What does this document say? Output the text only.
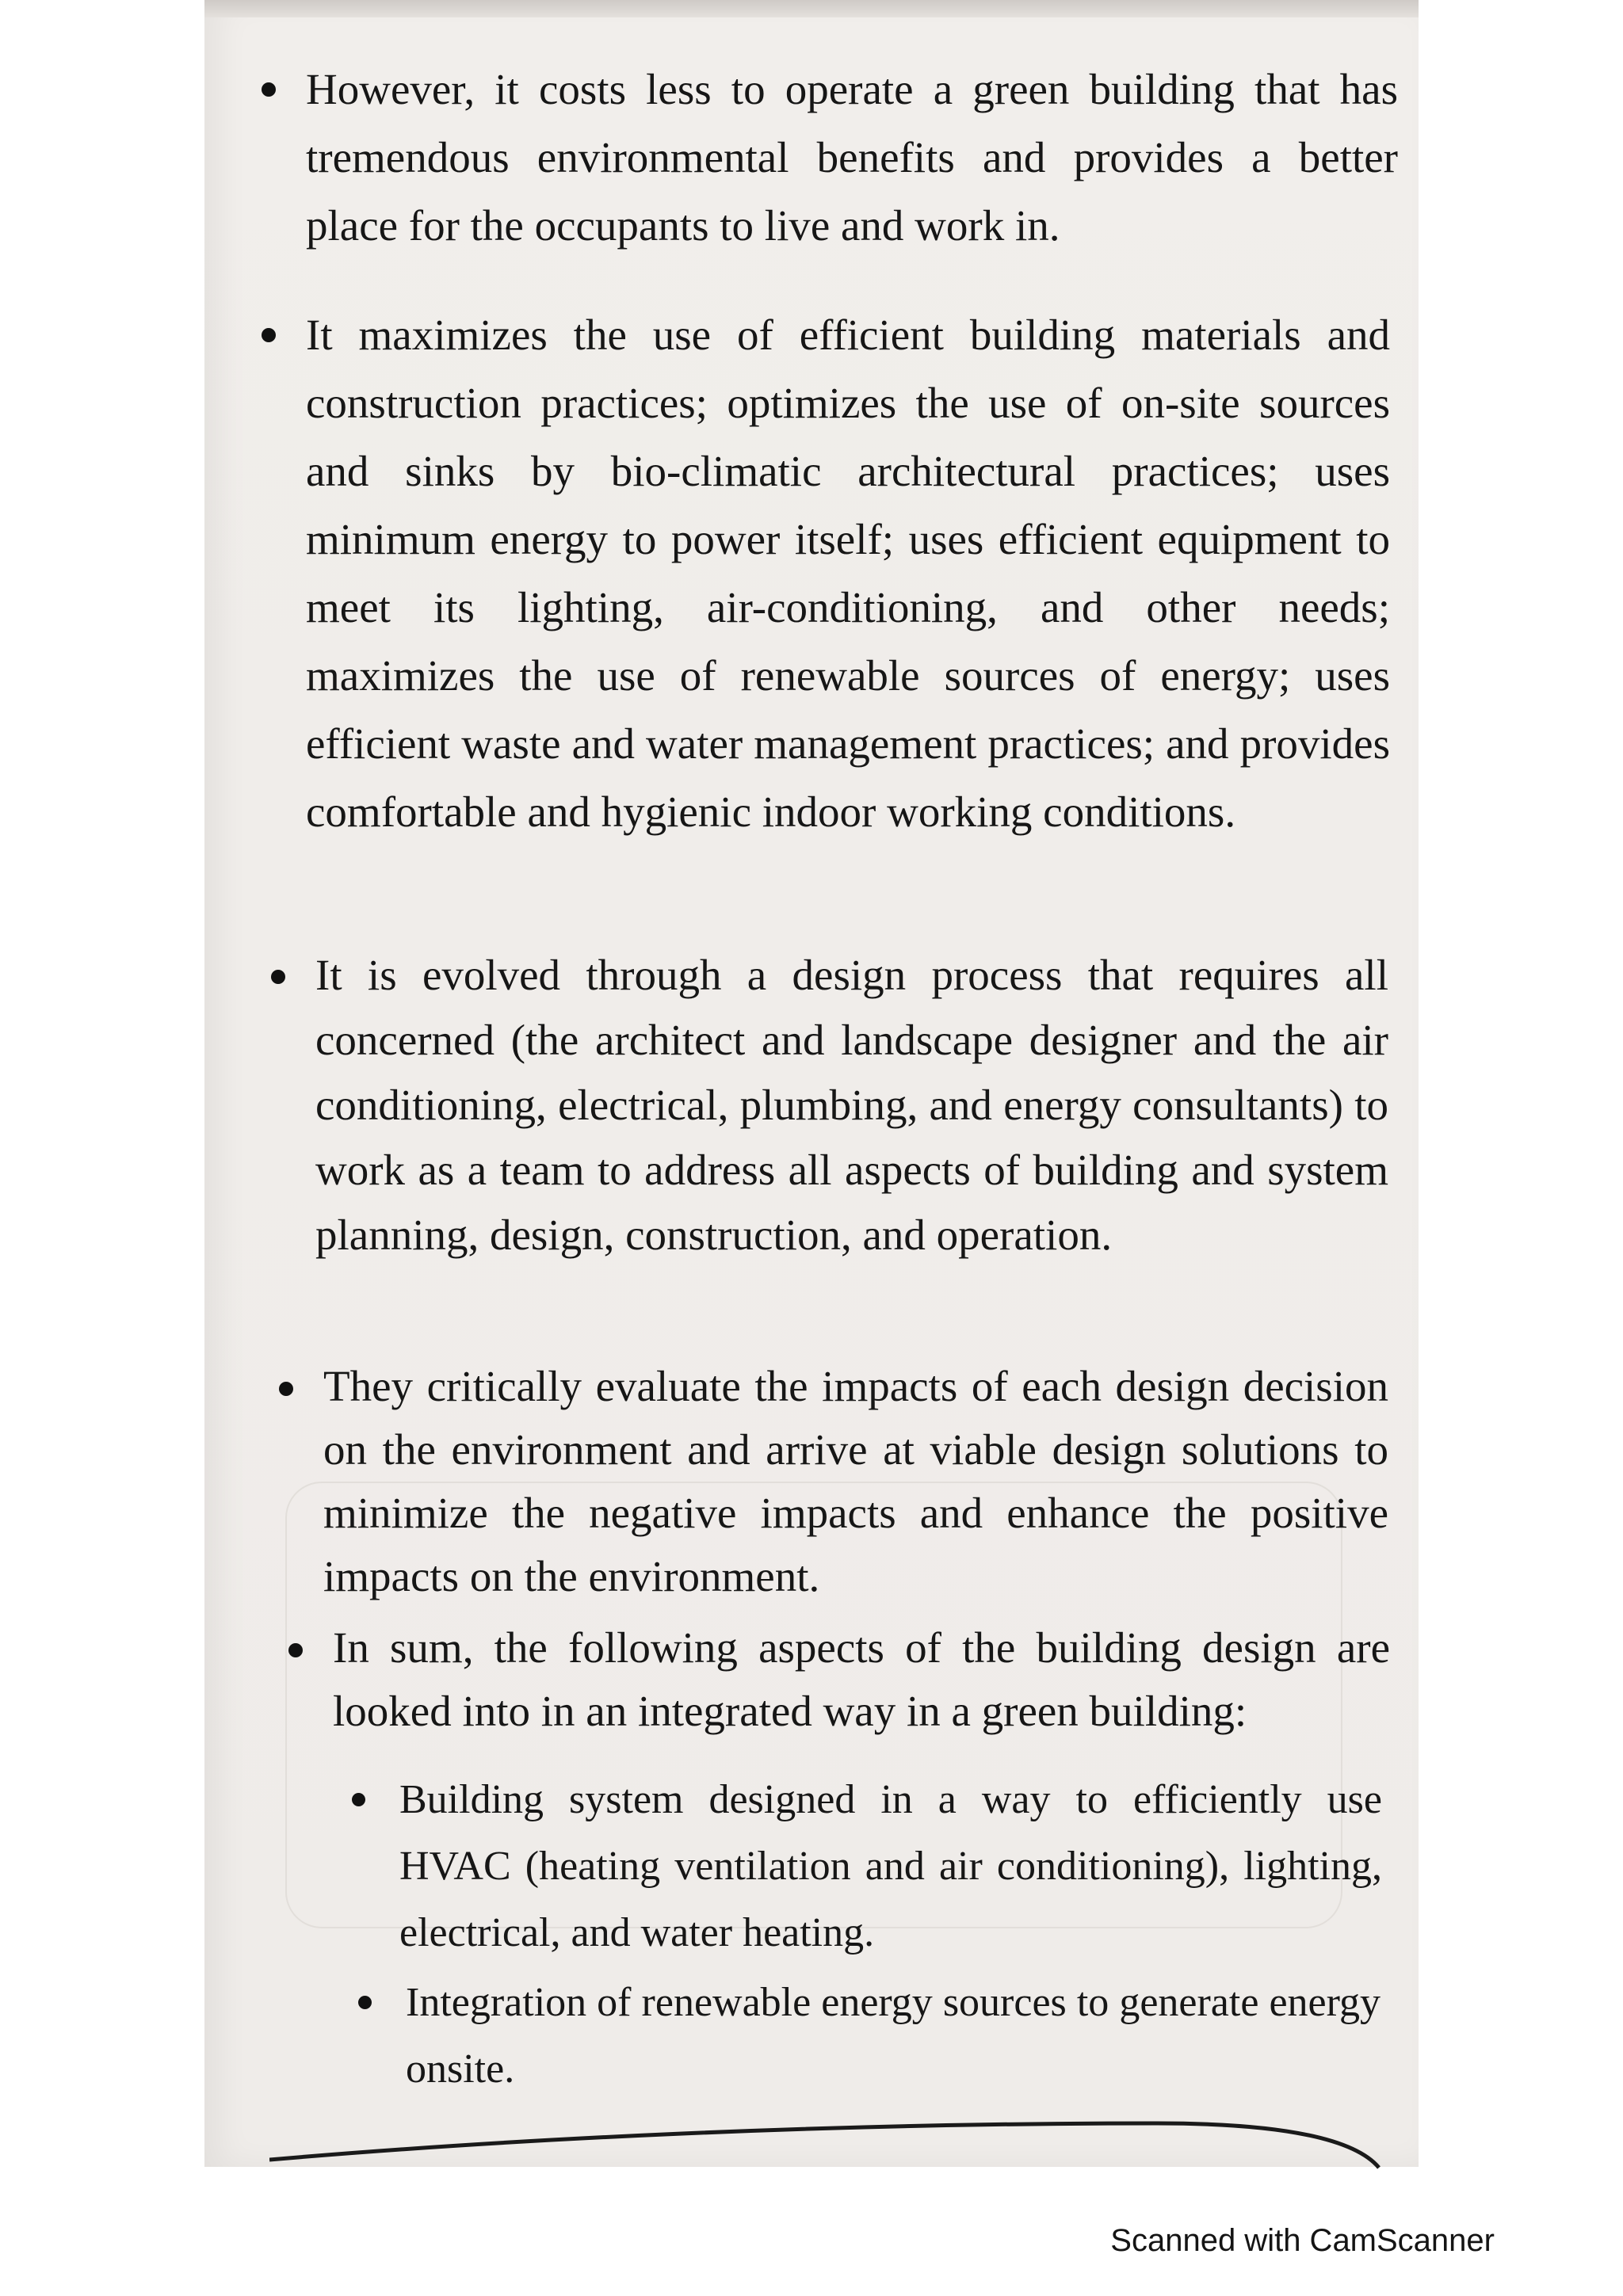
However, it costs less to operate a green building that has tremendous environmental benefits and provides a better place for the occupants to live and work in.

It maximizes the use of efficient building materials and construction practices; optimizes the use of on-site sources and sinks by bio-climatic architectural practices; uses minimum energy to power itself; uses efficient equipment to meet its lighting, air-conditioning, and other needs; maximizes the use of renewable sources of energy; uses efficient waste and water management practices; and provides comfortable and hygienic indoor working conditions.

It is evolved through a design process that requires all concerned (the architect and landscape designer and the air conditioning, electrical, plumbing, and energy consultants) to work as a team to address all aspects of building and system planning, design, construction, and operation.

They critically evaluate the impacts of each design decision on the environment and arrive at viable design solutions to minimize the negative impacts and enhance the positive impacts on the environment.

In sum, the following aspects of the building design are looked into in an integrated way in a green building:

Building system designed in a way to efficiently use HVAC (heating ventilation and air conditioning), lighting, electrical, and water heating.

Integration of renewable energy sources to generate energy onsite.

Scanned with CamScanner
